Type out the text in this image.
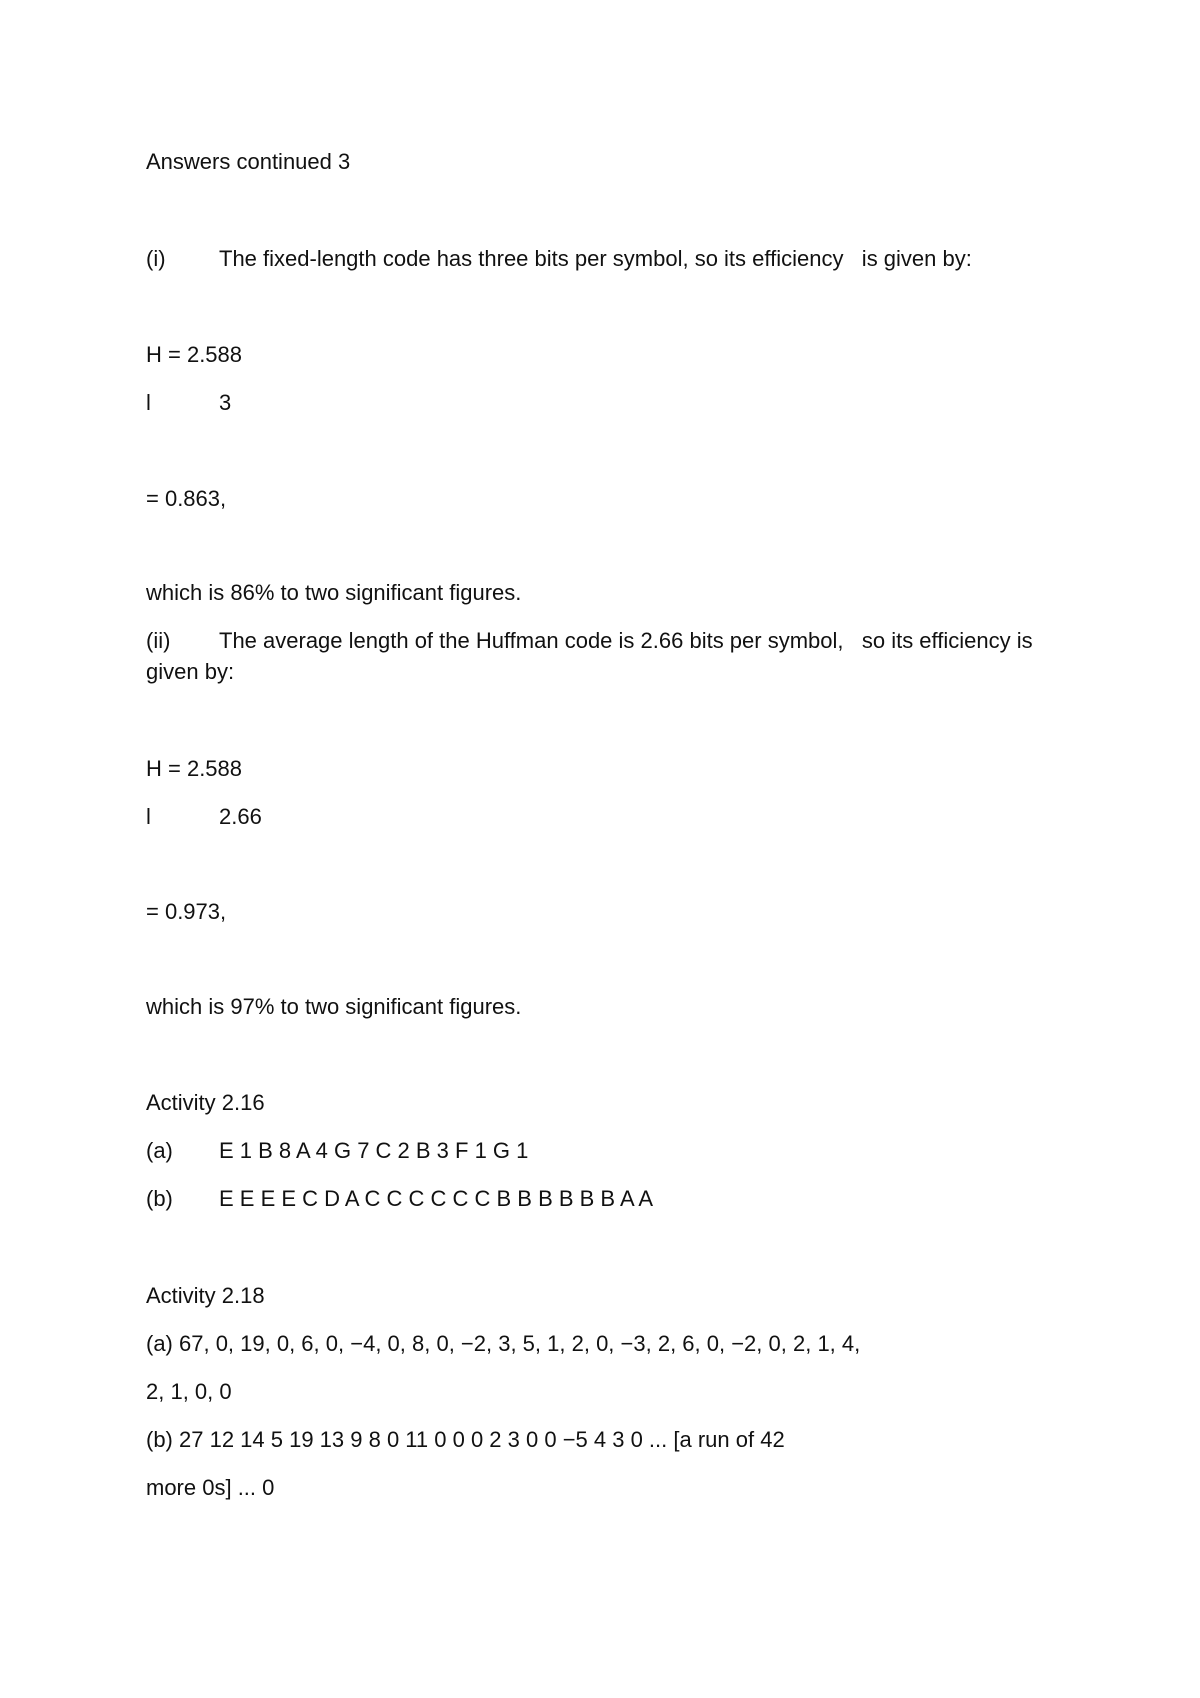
Answers continued 3
(i) The fixed-length code has three bits per symbol, so its efficiency   is given by:
H = 2.588
l	3
= 0.863,
which is 86% to two significant figures.
(ii) The average length of the Huffman code is 2.66 bits per symbol,   so its efficiency is given by:
H = 2.588
l	2.66
= 0.973,
which is 97% to two significant figures.
Activity 2.16
(a) E 1 B 8 A 4 G 7 C 2 B 3 F 1 G 1
(b) E E E E C D A C C C C C C B B B B B B A A
Activity 2.18
(a) 67, 0, 19, 0, 6, 0, −4, 0, 8, 0, −2, 3, 5, 1, 2, 0, −3, 2, 6, 0, −2, 0, 2, 1, 4,
2, 1, 0, 0
(b) 27 12 14 5 19 13 9 8 0 11 0 0 0 2 3 0 0 −5 4 3 0 ... [a run of 42
more 0s] ... 0
